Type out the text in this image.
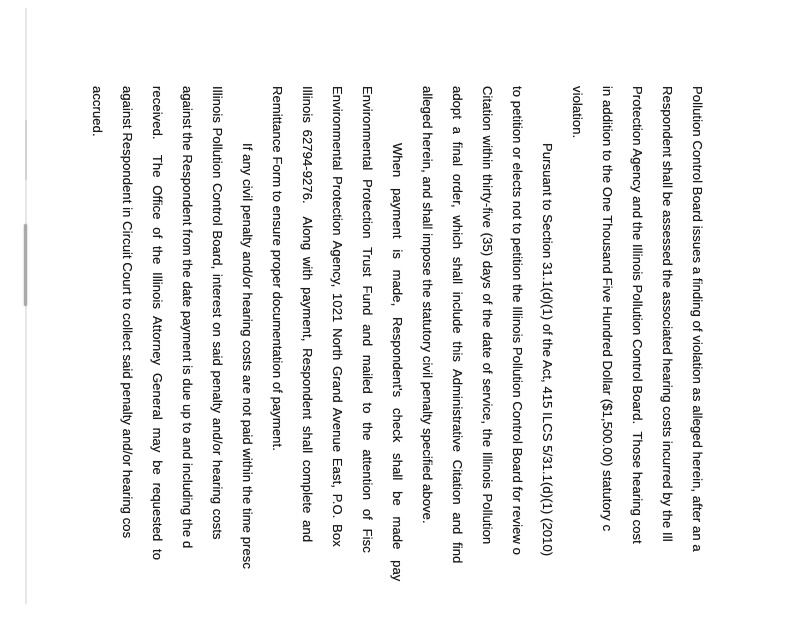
Pollution Control Board issues a finding of violation as alleged herein, after an a
Respondent shall be assessed the associated hearing costs incurred by the Ill
Protection Agency and the Illinois Pollution Control Board.  Those hearing cost
in addition to the One Thousand Five Hundred Dollar ($1,500.00) statutory c
violation.
Pursuant to Section 31.1(d)(1) of the Act, 415 ILCS 5/31.1(d)(1) (2010)
to petition or elects not to petition the Illinois Pollution Control Board for review o
Citation within thirty-five (35) days of the date of service, the Illinois Pollution
adopt a final order, which shall include this Administrative Citation and find
alleged herein, and shall impose the statutory civil penalty specified above.
When payment is made, Respondent's check shall be made pay
Environmental Protection Trust Fund and mailed to the attention of Fisc
Environmental Protection Agency, 1021 North Grand Avenue East, P.O. Box
Illinois 62794-9276.  Along with payment, Respondent shall complete and
Remittance Form to ensure proper documentation of payment.
If any civil penalty and/or hearing costs are not paid within the time presc
Illinois Pollution Control Board, interest on said penalty and/or hearing costs
against the Respondent from the date payment is due up to and including the d
received.  The Office of the Illinois Attorney General may be requested to
against Respondent in Circuit Court to collect said penalty and/or hearing cos
accrued.
